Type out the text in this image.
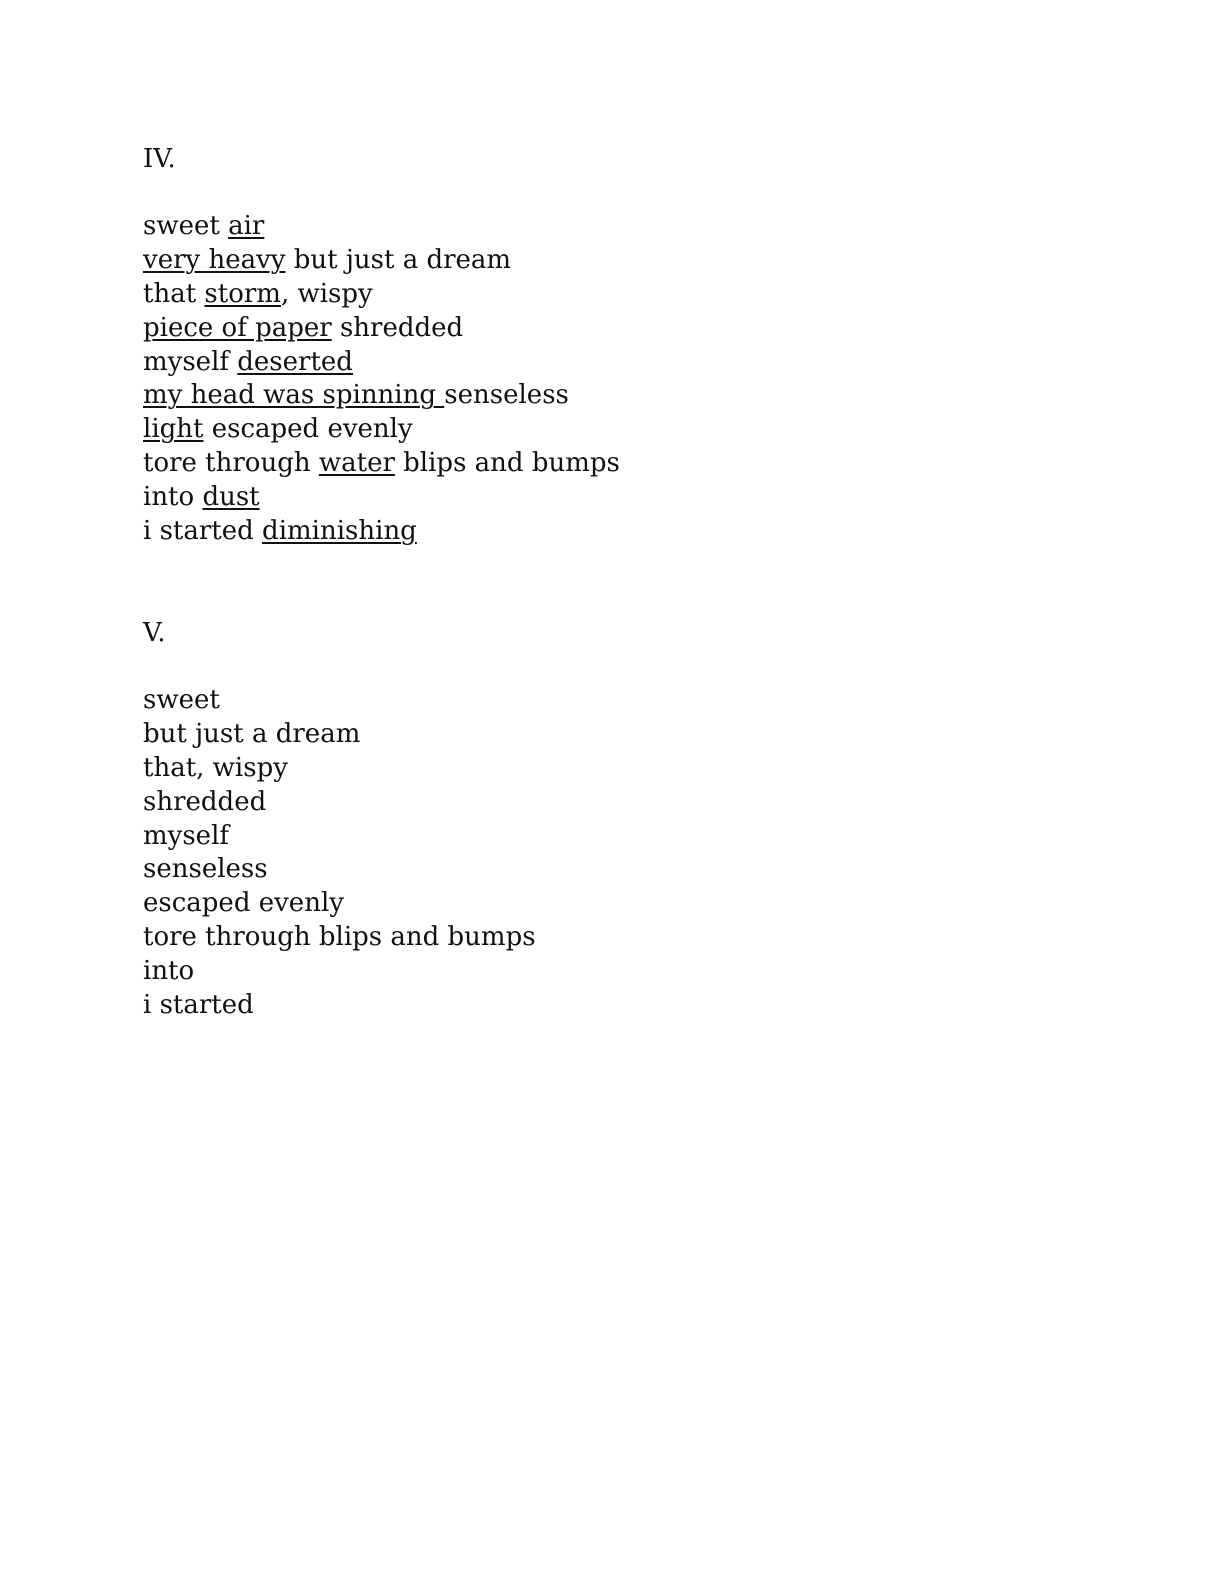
IV.
sweet air
very heavy but just a dream
that storm, wispy
piece of paper shredded
myself deserted
my head was spinning senseless
light escaped evenly
tore through water blips and bumps
into dust
i started diminishing
V.
sweet
but just a dream
that, wispy
shredded
myself
senseless
escaped evenly
tore through blips and bumps
into
i started
